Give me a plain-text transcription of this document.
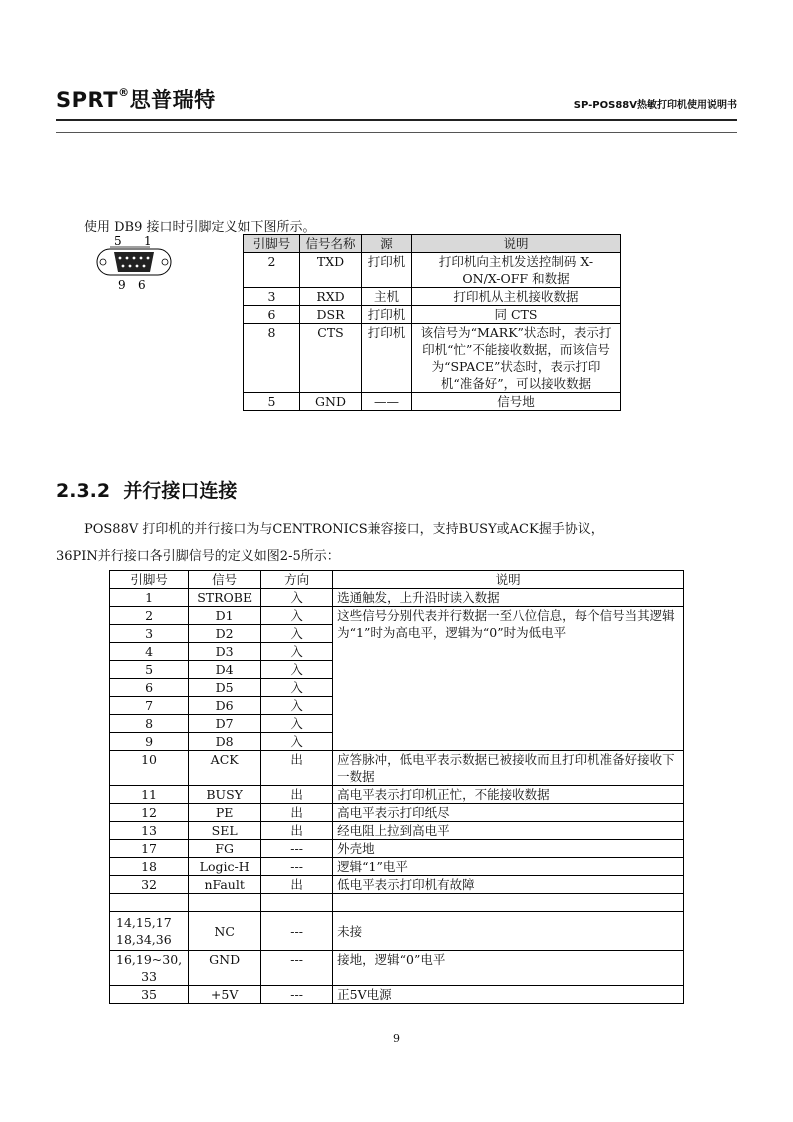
SPRT®思普瑞特	SP-POS88Ⅴ热敏打印机使用说明书
使用 DB9 接口时引脚定义如下图所示。
5 1
9 6
引脚号	信号名称	源	说明
2	TXD	打印机	打印机向主机发送控制码 X-ON/X-OFF 和数据
3	RXD	主机	打印机从主机接收数据
6	DSR	打印机	同 CTS
8	CTS	打印机	该信号为“MARK”状态时，表示打印机“忙”不能接收数据，而该信号为“SPACE”状态时，表示打印机“准备好”，可以接收数据
5	GND	——	信号地
2.3.2 并行接口连接
POS88Ⅴ 打印机的并行接口为与CENTRONICS兼容接口，支持BUSY或ACK握手协议，
36PIN并行接口各引脚信号的定义如图2-5所示：
引脚号	信号	方向	说明
1	STROBE	入	选通触发，上升沿时读入数据
2	D1	入	这些信号分别代表并行数据一至八位信息，每个信号当其逻辑为“1”时为高电平，逻辑为“0”时为低电平
3	D2	入	
4	D3	入	
5	D4	入	
6	D5	入	
7	D6	入	
8	D7	入	
9	D8	入	
10	ACK	出	应答脉冲，低电平表示数据已被接收而且打印机准备好接收下一数据
11	BUSY	出	高电平表示打印机正忙，不能接收数据
12	PE	出	高电平表示打印纸尽
13	SEL	出	经电阻上拉到高电平
17	FG	---	外壳地
18	Logic-H	---	逻辑“1”电平
32	nFault	出	低电平表示打印机有故障

14,15,17 18,34,36	NC	---	未接
16,19~30, 33	GND	---	接地，逻辑“0”电平
35	+5V	---	正5V电源
9
